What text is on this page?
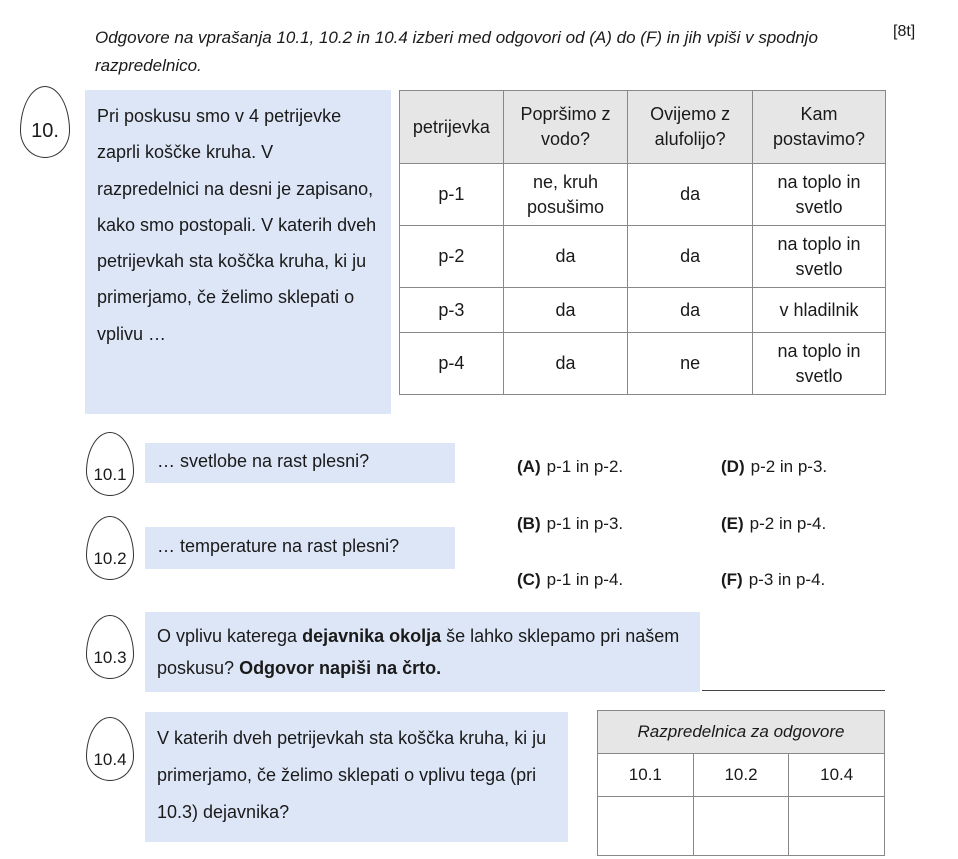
Odgovore na vprašanja 10.1, 10.2 in 10.4 izberi med odgovori od (A) do (F) in jih vpiši v spodnjo razpredelnico.
[8t]
10.
Pri poskusu smo v 4 petrijevke zaprli koščke kruha. V razpredelnici na desni je zapisano, kako smo postopali. V katerih dveh petrijevkah sta koščka kruha, ki ju primerjamo, če želimo sklepati o vplivu …
petrijevka	Popršimo z vodo?	Ovijemo z alufolijo?	Kam postavimo?
p-1	ne, kruh posušimo	da	na toplo in svetlo
p-2	da	da	na toplo in svetlo
p-3	da	da	v hladilnik
p-4	da	ne	na toplo in svetlo
10.1
… svetlobe na rast plesni?
10.2
… temperature na rast plesni?
(A) p-1 in p-2.
(B) p-1 in p-3.
(C) p-1 in p-4.
(D) p-2 in p-3.
(E) p-2 in p-4.
(F) p-3 in p-4.
10.3
O vplivu katerega dejavnika okolja še lahko sklepamo pri našem poskusu? Odgovor napiši na črto.
10.4
V katerih dveh petrijevkah sta koščka kruha, ki ju primerjamo, če želimo sklepati o vplivu tega (pri 10.3) dejavnika?
Razpredelnica za odgovore		
10.1	10.2	10.4
